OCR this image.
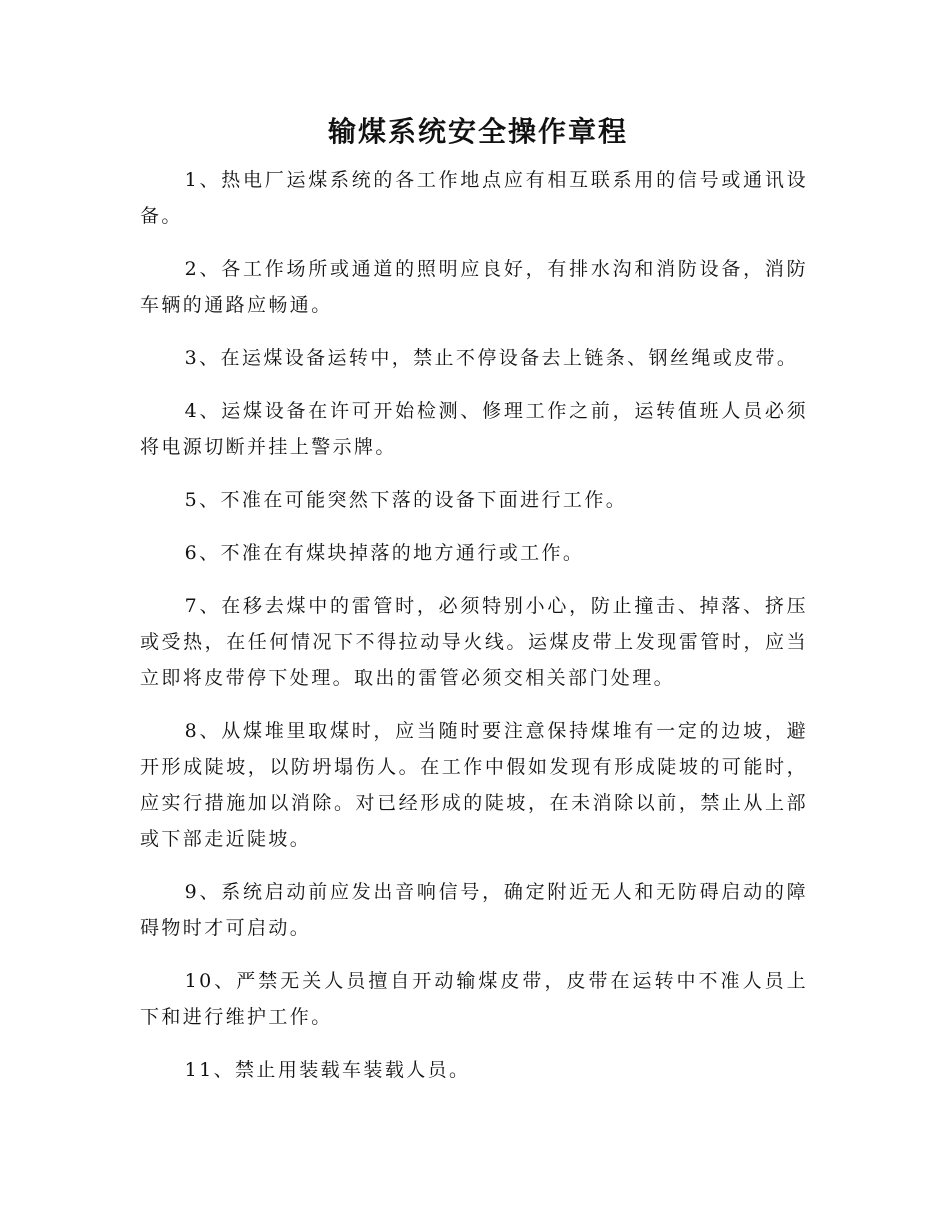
输煤系统安全操作章程

1、热电厂运煤系统的各工作地点应有相互联系用的信号或通讯设备。

2、各工作场所或通道的照明应良好，有排水沟和消防设备，消防车辆的通路应畅通。

3、在运煤设备运转中，禁止不停设备去上链条、钢丝绳或皮带。

4、运煤设备在许可开始检测、修理工作之前，运转值班人员必须将电源切断并挂上警示牌。

5、不准在可能突然下落的设备下面进行工作。

6、不准在有煤块掉落的地方通行或工作。

7、在移去煤中的雷管时，必须特别小心，防止撞击、掉落、挤压或受热，在任何情况下不得拉动导火线。运煤皮带上发现雷管时，应当立即将皮带停下处理。取出的雷管必须交相关部门处理。

8、从煤堆里取煤时，应当随时要注意保持煤堆有一定的边坡，避开形成陡坡，以防坍塌伤人。在工作中假如发现有形成陡坡的可能时，应实行措施加以消除。对已经形成的陡坡，在未消除以前，禁止从上部或下部走近陡坡。

9、系统启动前应发出音响信号，确定附近无人和无防碍启动的障碍物时才可启动。

10、严禁无关人员擅自开动输煤皮带，皮带在运转中不准人员上下和进行维护工作。

11、禁止用装载车装载人员。
